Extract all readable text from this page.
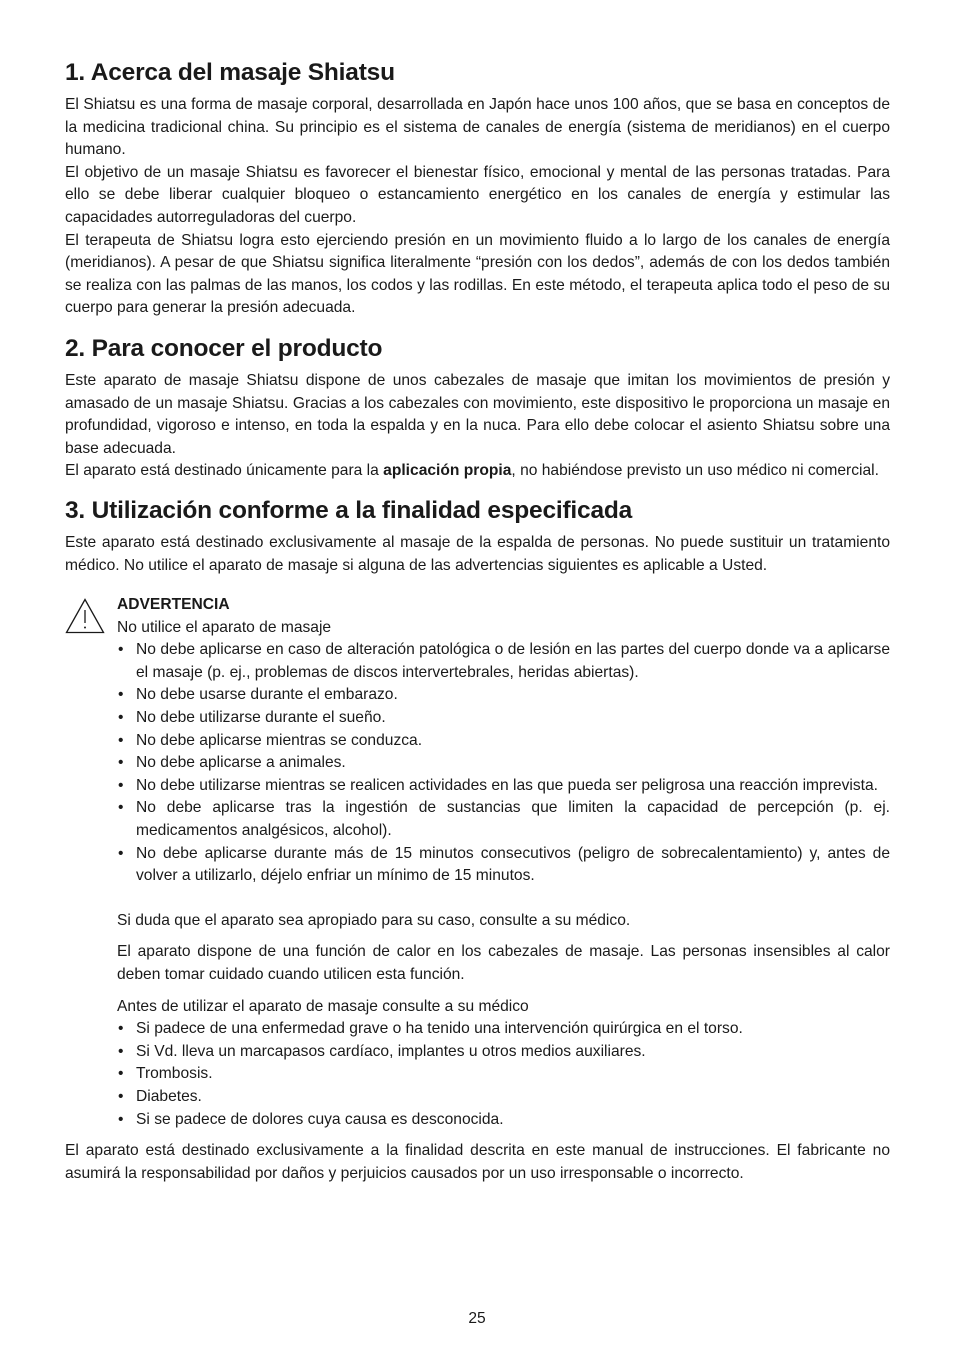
1. Acerca del masaje Shiatsu

El Shiatsu es una forma de masaje corporal, desarrollada en Japón hace unos 100 años, que se basa en conceptos de la medicina tradicional china. Su principio es el sistema de canales de energía (sistema de meridianos) en el cuerpo humano.

El objetivo de un masaje Shiatsu es favorecer el bienestar físico, emocional y mental de las personas tratadas. Para ello se debe liberar cualquier bloqueo o estancamiento energético en los canales de energía y estimular las capacidades autorreguladoras del cuerpo.

El terapeuta de Shiatsu logra esto ejerciendo presión en un movimiento fluido a lo largo de los canales de energía (meridianos). A pesar de que Shiatsu significa literalmente “presión con los dedos”, además de con los dedos también se realiza con las palmas de las manos, los codos y las rodillas. En este método, el terapeuta aplica todo el peso de su cuerpo para generar la presión adecuada.

2. Para conocer el producto

Este aparato de masaje Shiatsu dispone de unos cabezales de masaje que imitan los movimientos de presión y amasado de un masaje Shiatsu. Gracias a los cabezales con movimiento, este dispositivo le proporciona un masaje en profundidad, vigoroso e intenso, en toda la espalda y en la nuca. Para ello debe colocar el asiento Shiatsu sobre una base adecuada.

El aparato está destinado únicamente para la aplicación propia, no habiéndose previsto un uso médico ni comercial.

3. Utilización conforme a la finalidad especificada

Este aparato está destinado exclusivamente al masaje de la espalda de personas. No puede sustituir un tratamiento médico. No utilice el aparato de masaje si alguna de las advertencias siguientes es aplicable a Usted.

ADVERTENCIA

No utilice el aparato de masaje

• No debe aplicarse en caso de alteración patológica o de lesión en las partes del cuerpo donde va a aplicarse el masaje (p. ej., problemas de discos intervertebrales, heridas abiertas).
• No debe usarse durante el embarazo.
• No debe utilizarse durante el sueño.
• No debe aplicarse mientras se conduzca.
• No debe aplicarse a animales.
• No debe utilizarse mientras se realicen actividades en las que pueda ser peligrosa una reacción imprevista.
• No debe aplicarse tras la ingestión de sustancias que limiten la capacidad de percepción (p. ej. medicamentos analgésicos, alcohol).
• No debe aplicarse durante más de 15 minutos consecutivos (peligro de sobrecalentamiento) y, antes de volver a utilizarlo, déjelo enfriar un mínimo de 15 minutos.

Si duda que el aparato sea apropiado para su caso, consulte a su médico.

El aparato dispone de una función de calor en los cabezales de masaje. Las personas insensibles al calor deben tomar cuidado cuando utilicen esta función.

Antes de utilizar el aparato de masaje consulte a su médico

• Si padece de una enfermedad grave o ha tenido una intervención quirúrgica en el torso.
• Si Vd. lleva un marcapasos cardíaco, implantes u otros medios auxiliares.
• Trombosis.
• Diabetes.
• Si se padece de dolores cuya causa es desconocida.

El aparato está destinado exclusivamente a la finalidad descrita en este manual de instrucciones. El fabricante no asumirá la responsabilidad por daños y perjuicios causados por un uso irresponsable o incorrecto.

25
